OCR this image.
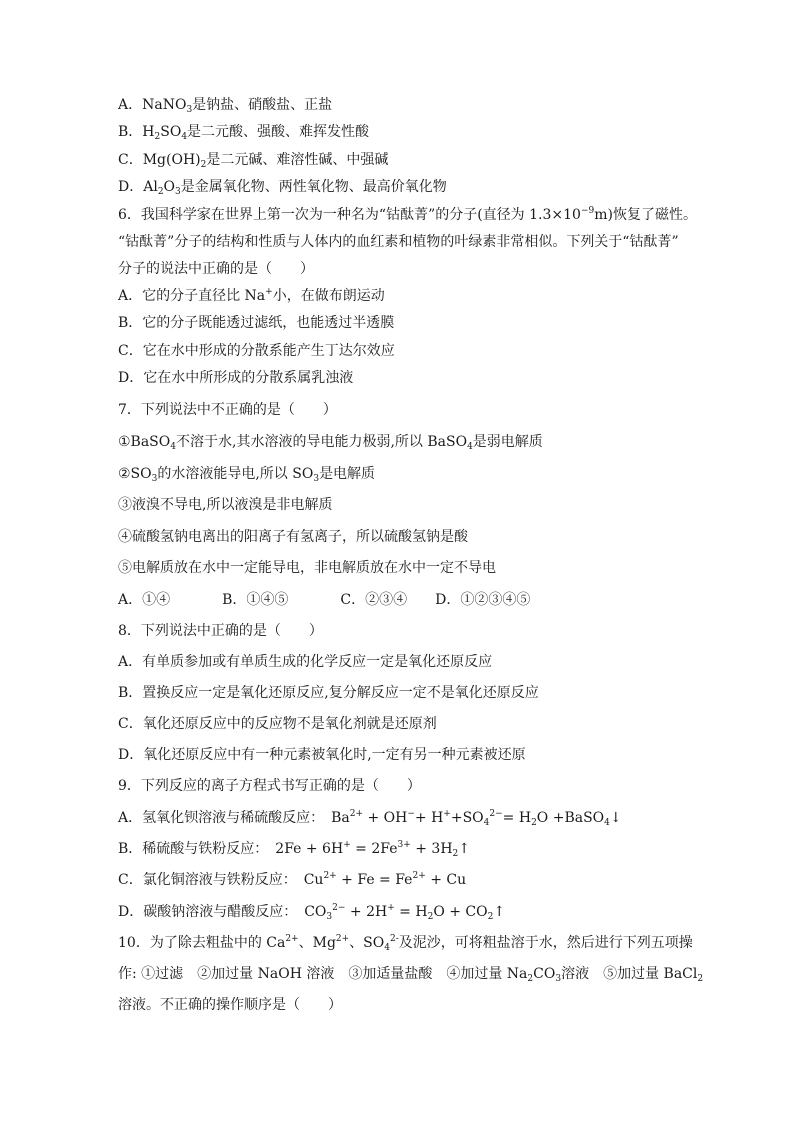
A．NaNO$_3$是钠盐、硝酸盐、正盐
B．$H_2SO_4$是二元酸、强酸、难挥发性酸
C．$Mg(OH)_2$是二元碱、难溶性碱、中强碱
D．$Al_2O_3$是金属氧化物、两性氧化物、最高价氧化物
6．我国科学家在世界上第一次为一种名为“钴酞菁”的分子(直径为 $1.3\times 10^{-9}m$)恢复了磁性。
“钴酞菁”分子的结构和性质与人体内的血红素和植物的叶绿素非常相似。下列关于“钴酞菁”
分子的说法中正确的是（　　）
A．它的分子直径比 Na+小，在做布朗运动
B．它的分子既能透过滤纸，也能透过半透膜
C．它在水中形成的分散系能产生丁达尔效应
D．它在水中所形成的分散系属乳浊液
7．下列说法中不正确的是（　　）
①BaSO$_4$不溶于水,其水溶液的导电能力极弱,所以 BaSO$_4$是弱电解质
$②SO_3$的水溶液能导电,所以 $SO_3$是电解质
③液溴不导电,所以液溴是非电解质
④硫酸氢钠电离出的阳离子有氢离子，所以硫酸氢钠是酸
⑤电解质放在水中一定能导电，非电解质放在水中一定不导电
A．①④	B．①④⑤	C．②③④ D．①②③④⑤
8．下列说法中正确的是（　　）
A．有单质参加或有单质生成的化学反应一定是氧化还原反应
B．置换反应一定是氧化还原反应,复分解反应一定不是氧化还原反应
C．氧化还原反应中的反应物不是氧化剂就是还原剂
D．氧化还原反应中有一种元素被氧化时,一定有另一种元素被还原
9．下列反应的离子方程式书写正确的是（　　）
A．氢氧化钡溶液与稀硫酸反应：　$Ba^{2+} + OH^-+ H^++SO_4^{2-}= H_2O$ +BaSO$_4$↓
B．稀硫酸与铁粉反应：　$2Fe + 6H^+ = 2Fe^{3+}$ + $3H_2↑$
C．氯化铜溶液与铁粉反应：　$Cu^{2+} + Fe = Fe^{2+} + Cu$
D．碳酸钠溶液与醋酸反应：　$CO_3^{2-} + 2H^+ = H_2O$ + $CO_2↑$
10．为了除去粗盐中的 $Ca^{2+}$、$Mg^{2+}$、$SO_4^{2-}$及泥沙，可将粗盐溶于水，然后进行下列五项操
作: ①过滤　②加过量 NaOH 溶液　③加适量盐酸　④加过量 $Na_2CO_3$溶液　⑤加过量 BaCl$_2$
溶液。不正确的操作顺序是（　　）
